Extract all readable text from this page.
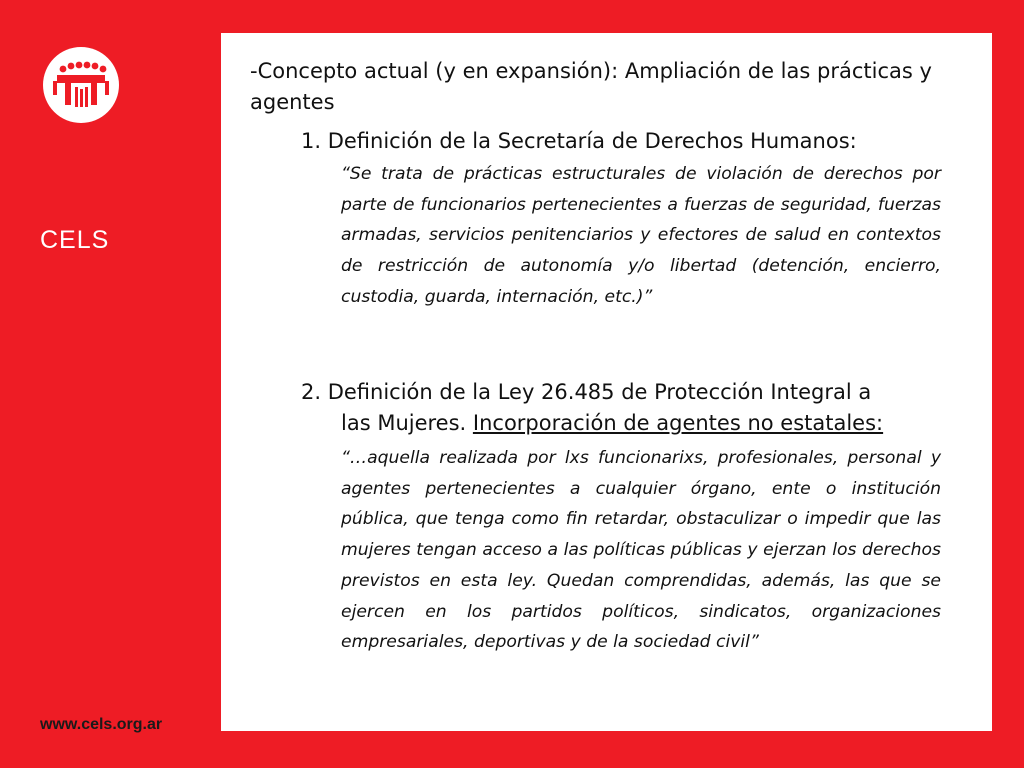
CELS
www.cels.org.ar
-Concepto actual (y en expansión): Ampliación de las prácticas y agentes
1. Definición de la Secretaría de Derechos Humanos:
“Se trata de prácticas estructurales de violación de derechos por parte de funcionarios pertenecientes a fuerzas de seguridad, fuerzas armadas, servicios penitenciarios y efectores de salud en contextos de restricción de autonomía y/o libertad (detención, encierro, custodia, guarda, internación, etc.)”
2. Definición de la Ley 26.485 de Protección Integral a
las Mujeres. Incorporación de agentes no estatales:
“…aquella realizada por lxs funcionarixs, profesionales, personal y agentes pertenecientes a cualquier órgano, ente o institución pública, que tenga como fin retardar, obstaculizar o impedir que las mujeres tengan acceso a las políticas públicas y ejerzan los derechos previstos en esta ley. Quedan comprendidas, además, las que se ejercen en los partidos políticos, sindicatos, organizaciones empresariales, deportivas y de la sociedad civil”
